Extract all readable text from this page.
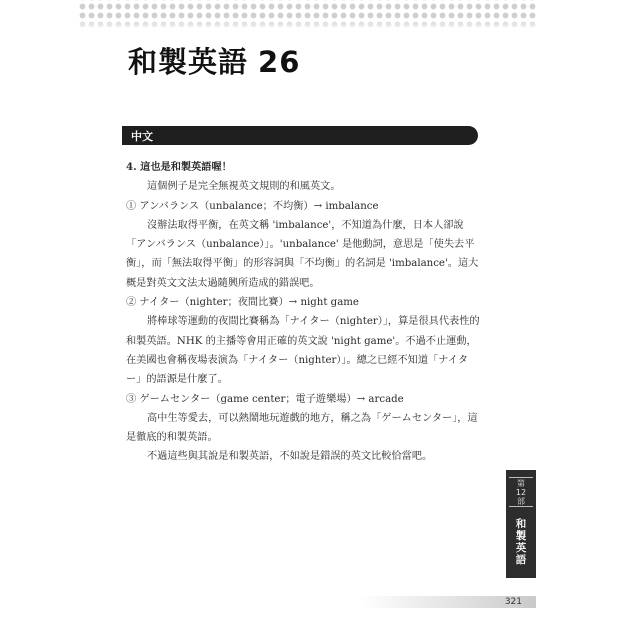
和製英語 26
中文

4. 這也是和製英語喔！

這個例子是完全無視英文規則的和風英文。

① アンバランス（unbalance；不均衡）→ imbalance

沒辦法取得平衡，在英文稱 'imbalance'，不知道為什麼，日本人卻說「アンバランス（unbalance）」。'unbalance' 是他動詞，意思是「使失去平衡」，而「無法取得平衡」的形容詞與「不均衡」的名詞是 'imbalance'。這大概是對英文文法太過隨興所造成的錯誤吧。

② ナイター（nighter；夜間比賽）→ night game

將棒球等運動的夜間比賽稱為「ナイター（nighter）」，算是很具代表性的和製英語。NHK 的主播等會用正確的英文說 'night game'。不過不止運動，在美國也會稱夜場表演為「ナイター（nighter）」。總之已經不知道「ナイター」的語源是什麼了。

③ ゲームセンター（game center；電子遊樂場）→ arcade

高中生等愛去，可以熱鬧地玩遊戲的地方，稱之為「ゲームセンター」，這是徹底的和製英語。

不過這些與其說是和製英語，不如說是錯誤的英文比較恰當吧。

第
12
部
和
製
英
語
321
